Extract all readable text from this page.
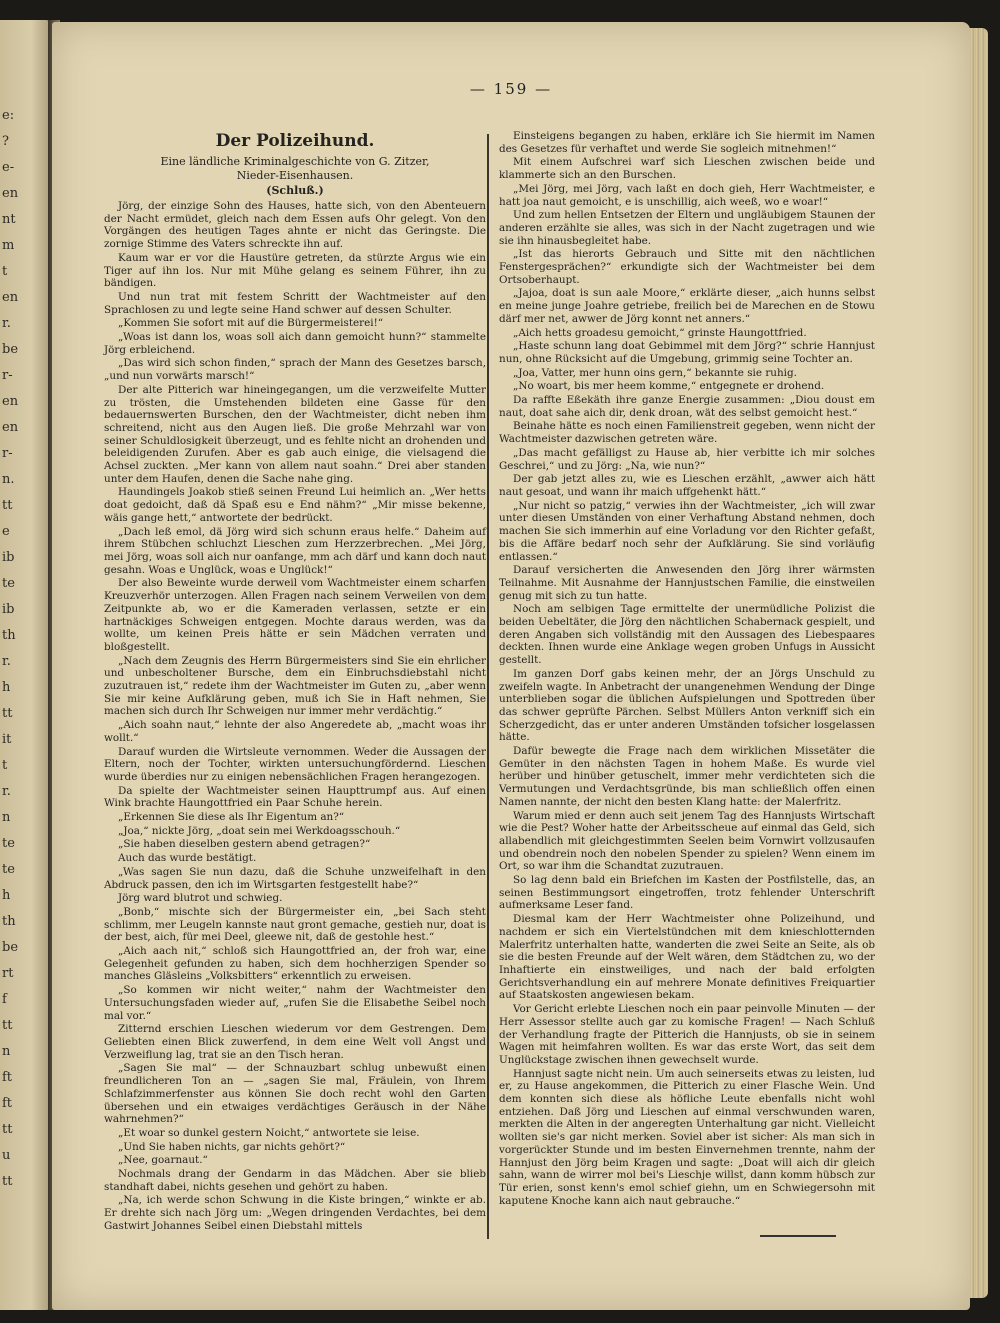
e:
?
e-
en
nt
m
t
en
r.
be
r-
en
en
r-
n.
tt
e
ib
te
ib
th
r.
h
tt
it
t
r.
n
te
te
h
th
be
rt
f
tt
n
ft
ft
tt
u
tt
— 159 —

Der Polizeihund.

Eine ländliche Kriminalgeschichte von G. Zitzer,

Nieder-Eisenhausen.

(Schluß.)

Jörg, der einzige Sohn des Hauses, hatte sich, von den Abenteuern der Nacht ermüdet, gleich nach dem Essen aufs Ohr gelegt. Von den Vorgängen des heutigen Tages ahnte er nicht das Geringste. Die zornige Stimme des Vaters schreckte ihn auf.

Kaum war er vor die Haustüre getreten, da stürzte Argus wie ein Tiger auf ihn los. Nur mit Mühe gelang es seinem Führer, ihn zu bändigen.

Und nun trat mit festem Schritt der Wachtmeister auf den Sprachlosen zu und legte seine Hand schwer auf dessen Schulter.

„Kommen Sie sofort mit auf die Bürgermeisterei!“

„Woas ist dann los, woas soll aich dann gemoicht hunn?“ stammelte Jörg erbleichend.

„Das wird sich schon finden,“ sprach der Mann des Gesetzes barsch, „und nun vorwärts marsch!“

Der alte Pitterich war hineingegangen, um die verzweifelte Mutter zu trösten, die Umstehenden bildeten eine Gasse für den bedauernswerten Burschen, den der Wachtmeister, dicht neben ihm schreitend, nicht aus den Augen ließ. Die große Mehrzahl war von seiner Schuldlosigkeit überzeugt, und es fehlte nicht an drohenden und beleidigenden Zurufen. Aber es gab auch einige, die vielsagend die Achsel zuckten. „Mer kann von allem naut soahn.“ Drei aber standen unter dem Haufen, denen die Sache nahe ging.

Haundingels Joakob stieß seinen Freund Lui heimlich an. „Wer hetts doat gedoicht, daß dä Spaß esu e End nähm?“ „Mir misse bekenne, wäis gange hett,“ antwortete der bedrückt.

„Dach leß emol, dä Jörg wird sich schunn eraus helfe.“ Daheim auf ihrem Stübchen schluchzt Lieschen zum Herzzerbrechen. „Mei Jörg, mei Jörg, woas soll aich nur oanfange, mm ach därf und kann doch naut gesahn. Woas e Unglück, woas e Unglück!“

Der also Beweinte wurde derweil vom Wachtmeister einem scharfen Kreuzverhör unterzogen. Allen Fragen nach seinem Verweilen von dem Zeitpunkte ab, wo er die Kameraden verlassen, setzte er ein hartnäckiges Schweigen entgegen. Mochte daraus werden, was da wollte, um keinen Preis hätte er sein Mädchen verraten und bloßgestellt.

„Nach dem Zeugnis des Herrn Bürgermeisters sind Sie ein ehrlicher und unbescholtener Bursche, dem ein Einbruchsdiebstahl nicht zuzutrauen ist,“ redete ihm der Wachtmeister im Guten zu, „aber wenn Sie mir keine Aufklärung geben, muß ich Sie in Haft nehmen, Sie machen sich durch Ihr Schweigen nur immer mehr verdächtig.“

„Aich soahn naut,“ lehnte der also Angeredete ab, „macht woas ihr wollt.“

Darauf wurden die Wirtsleute vernommen. Weder die Aussagen der Eltern, noch der Tochter, wirkten untersuchungfördernd. Lieschen wurde überdies nur zu einigen nebensächlichen Fragen herangezogen.

Da spielte der Wachtmeister seinen Haupttrumpf aus. Auf einen Wink brachte Haungottfried ein Paar Schuhe herein.

„Erkennen Sie diese als Ihr Eigentum an?“

„Joa,“ nickte Jörg, „doat sein mei Werkdoagsschouh.“

„Sie haben dieselben gestern abend getragen?“

Auch das wurde bestätigt.

„Was sagen Sie nun dazu, daß die Schuhe unzweifelhaft in den Abdruck passen, den ich im Wirtsgarten festgestellt habe?“

Jörg ward blutrot und schwieg.

„Bonb,“ mischte sich der Bürgermeister ein, „bei Sach steht schlimm, mer Leugeln kannste naut gront gemache, gestieh nur, doat is der best, aich, für mei Deel, gleewe nit, daß de gestohle hest.“

„Aich aach nit,“ schloß sich Haungottfried an, der froh war, eine Gelegenheit gefunden zu haben, sich dem hochherzigen Spender so manches Gläsleins „Volksbitters“ erkenntlich zu erweisen.

„So kommen wir nicht weiter,“ nahm der Wachtmeister den Untersuchungsfaden wieder auf, „rufen Sie die Elisabethe Seibel noch mal vor.“

Zitternd erschien Lieschen wiederum vor dem Gestrengen. Dem Geliebten einen Blick zuwerfend, in dem eine Welt voll Angst und Verzweiflung lag, trat sie an den Tisch heran.

„Sagen Sie mal“ — der Schnauzbart schlug unbewußt einen freundlicheren Ton an — „sagen Sie mal, Fräulein, von Ihrem Schlafzimmerfenster aus können Sie doch recht wohl den Garten übersehen und ein etwaiges verdächtiges Geräusch in der Nähe wahrnehmen?“

„Et woar so dunkel gestern Noicht,“ antwortete sie leise.

„Und Sie haben nichts, gar nichts gehört?“

„Nee, goarnaut.“

Nochmals drang der Gendarm in das Mädchen. Aber sie blieb standhaft dabei, nichts gesehen und gehört zu haben.

„Na, ich werde schon Schwung in die Kiste bringen,“ winkte er ab. Er drehte sich nach Jörg um: „Wegen dringenden Verdachtes, bei dem Gastwirt Johannes Seibel einen Diebstahl mittels

Einsteigens begangen zu haben, erkläre ich Sie hiermit im Namen des Gesetzes für verhaftet und werde Sie sogleich mitnehmen!“

Mit einem Aufschrei warf sich Lieschen zwischen beide und klammerte sich an den Burschen.

„Mei Jörg, mei Jörg, vach laßt en doch gieh, Herr Wachtmeister, e hatt joa naut gemoicht, e is unschillig, aich weeß, wo e woar!“

Und zum hellen Entsetzen der Eltern und ungläubigem Staunen der anderen erzählte sie alles, was sich in der Nacht zugetragen und wie sie ihn hinausbegleitet habe.

„Ist das hierorts Gebrauch und Sitte mit den nächtlichen Fenstergesprächen?“ erkundigte sich der Wachtmeister bei dem Ortsoberhaupt.

„Jajoa, doat is sun aale Moore,“ erklärte dieser, „aich hunns selbst en meine junge Joahre getriebe, freilich bei de Marechen en de Stowu därf mer net, awwer de Jörg konnt net anners.“

„Aich hetts groadesu gemoicht,“ grinste Haungottfried.

„Haste schunn lang doat Gebimmel mit dem Jörg?“ schrie Hannjust nun, ohne Rücksicht auf die Umgebung, grimmig seine Tochter an.

„Joa, Vatter, mer hunn oins gern,“ bekannte sie ruhig.

„No woart, bis mer heem komme,“ entgegnete er drohend.

Da raffte Eßekäth ihre ganze Energie zusammen: „Diou doust em naut, doat sahe aich dir, denk droan, wät des selbst gemoicht hest.“

Beinahe hätte es noch einen Familienstreit gegeben, wenn nicht der Wachtmeister dazwischen getreten wäre.

„Das macht gefälligst zu Hause ab, hier verbitte ich mir solches Geschrei,“ und zu Jörg: „Na, wie nun?“

Der gab jetzt alles zu, wie es Lieschen erzählt, „awwer aich hätt naut gesoat, und wann ihr maich uffgehenkt hätt.“

„Nur nicht so patzig,“ verwies ihn der Wachtmeister, „ich will zwar unter diesen Umständen von einer Verhaftung Abstand nehmen, doch machen Sie sich immerhin auf eine Vorladung vor den Richter gefaßt, bis die Affäre bedarf noch sehr der Aufklärung. Sie sind vorläufig entlassen.“

Darauf versicherten die Anwesenden den Jörg ihrer wärmsten Teilnahme. Mit Ausnahme der Hannjustschen Familie, die einstweilen genug mit sich zu tun hatte.

Noch am selbigen Tage ermittelte der unermüdliche Polizist die beiden Uebeltäter, die Jörg den nächtlichen Schabernack gespielt, und deren Angaben sich vollständig mit den Aussagen des Liebespaares deckten. Ihnen wurde eine Anklage wegen groben Unfugs in Aussicht gestellt.

Im ganzen Dorf gabs keinen mehr, der an Jörgs Unschuld zu zweifeln wagte. In Anbetracht der unangenehmen Wendung der Dinge unterblieben sogar die üblichen Aufspielungen und Spottreden über das schwer geprüfte Pärchen. Selbst Müllers Anton verkniff sich ein Scherzgedicht, das er unter anderen Umständen tofsicher losgelassen hätte.

Dafür bewegte die Frage nach dem wirklichen Missetäter die Gemüter in den nächsten Tagen in hohem Maße. Es wurde viel herüber und hinüber getuschelt, immer mehr verdichteten sich die Vermutungen und Verdachtsgründe, bis man schließlich offen einen Namen nannte, der nicht den besten Klang hatte: der Malerfritz.

Warum mied er denn auch seit jenem Tag des Hannjusts Wirtschaft wie die Pest? Woher hatte der Arbeitsscheue auf einmal das Geld, sich allabendlich mit gleichgestimmten Seelen beim Vornwirt vollzusaufen und obendrein noch den nobelen Spender zu spielen? Wenn einem im Ort, so war ihm die Schandtat zuzutrauen.

So lag denn bald ein Briefchen im Kasten der Postfilstelle, das, an seinen Bestimmungsort eingetroffen, trotz fehlender Unterschrift aufmerksame Leser fand.

Diesmal kam der Herr Wachtmeister ohne Polizeihund, und nachdem er sich ein Viertelstündchen mit dem knieschlotternden Malerfritz unterhalten hatte, wanderten die zwei Seite an Seite, als ob sie die besten Freunde auf der Welt wären, dem Städtchen zu, wo der Inhaftierte ein einstweiliges, und nach der bald erfolgten Gerichtsverhandlung ein auf mehrere Monate definitives Freiquartier auf Staatskosten angewiesen bekam.

Vor Gericht erlebte Lieschen noch ein paar peinvolle Minuten — der Herr Assessor stellte auch gar zu komische Fragen! — Nach Schluß der Verhandlung fragte der Pitterich die Hannjusts, ob sie in seinem Wagen mit heimfahren wollten. Es war das erste Wort, das seit dem Unglückstage zwischen ihnen gewechselt wurde.

Hannjust sagte nicht nein. Um auch seinerseits etwas zu leisten, lud er, zu Hause angekommen, die Pitterich zu einer Flasche Wein. Und dem konnten sich diese als höfliche Leute ebenfalls nicht wohl entziehen. Daß Jörg und Lieschen auf einmal verschwunden waren, merkten die Alten in der angeregten Unterhaltung gar nicht. Vielleicht wollten sie's gar nicht merken. Soviel aber ist sicher: Als man sich in vorgerückter Stunde und im besten Einvernehmen trennte, nahm der Hannjust den Jörg beim Kragen und sagte: „Doat will aich dir gleich sahn, wann de wirrer mol bei's Lieschje willst, dann komm hübsch zur Tür erien, sonst kenn's emol schief giehn, um en Schwiegersohn mit kaputene Knoche kann aich naut gebrauche.“
